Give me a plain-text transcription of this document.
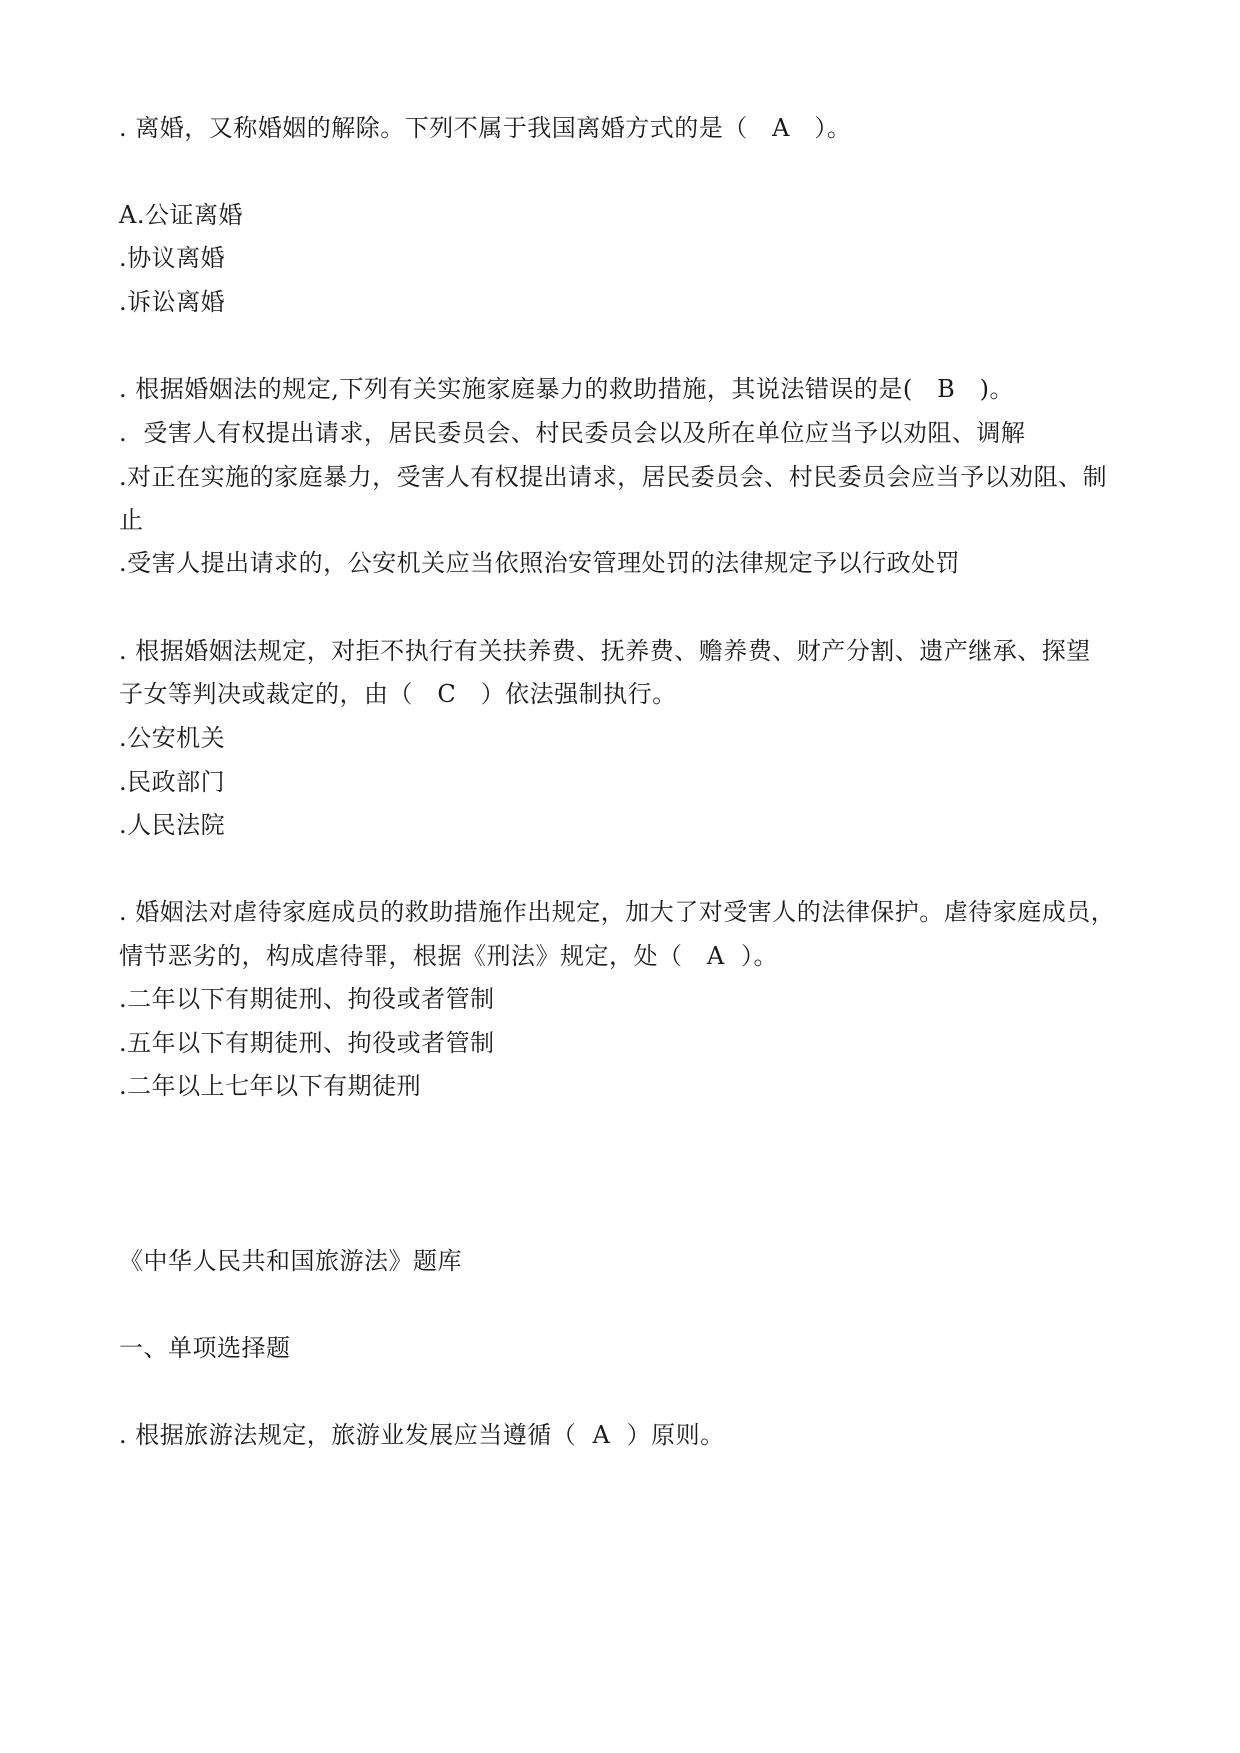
. 离婚，又称婚姻的解除。下列不属于我国离婚方式的是（   A   ）。
A.公证离婚
.协议离婚
.诉讼离婚
. 根据婚姻法的规定,下列有关实施家庭暴力的救助措施，其说法错误的是(   B   )。
.  受害人有权提出请求，居民委员会、村民委员会以及所在单位应当予以劝阻、调解
.对正在实施的家庭暴力，受害人有权提出请求，居民委员会、村民委员会应当予以劝阻、制
止
.受害人提出请求的，公安机关应当依照治安管理处罚的法律规定予以行政处罚
. 根据婚姻法规定，对拒不执行有关扶养费、抚养费、赡养费、财产分割、遗产继承、探望
子女等判决或裁定的，由（   C   ）依法强制执行。
.公安机关
.民政部门
.人民法院
. 婚姻法对虐待家庭成员的救助措施作出规定，加大了对受害人的法律保护。虐待家庭成员，
情节恶劣的，构成虐待罪，根据《刑法》规定，处（   A  ）。
.二年以下有期徒刑、拘役或者管制
.五年以下有期徒刑、拘役或者管制
.二年以上七年以下有期徒刑
《中华人民共和国旅游法》题库
一、单项选择题
. 根据旅游法规定，旅游业发展应当遵循（  A  ）原则。
